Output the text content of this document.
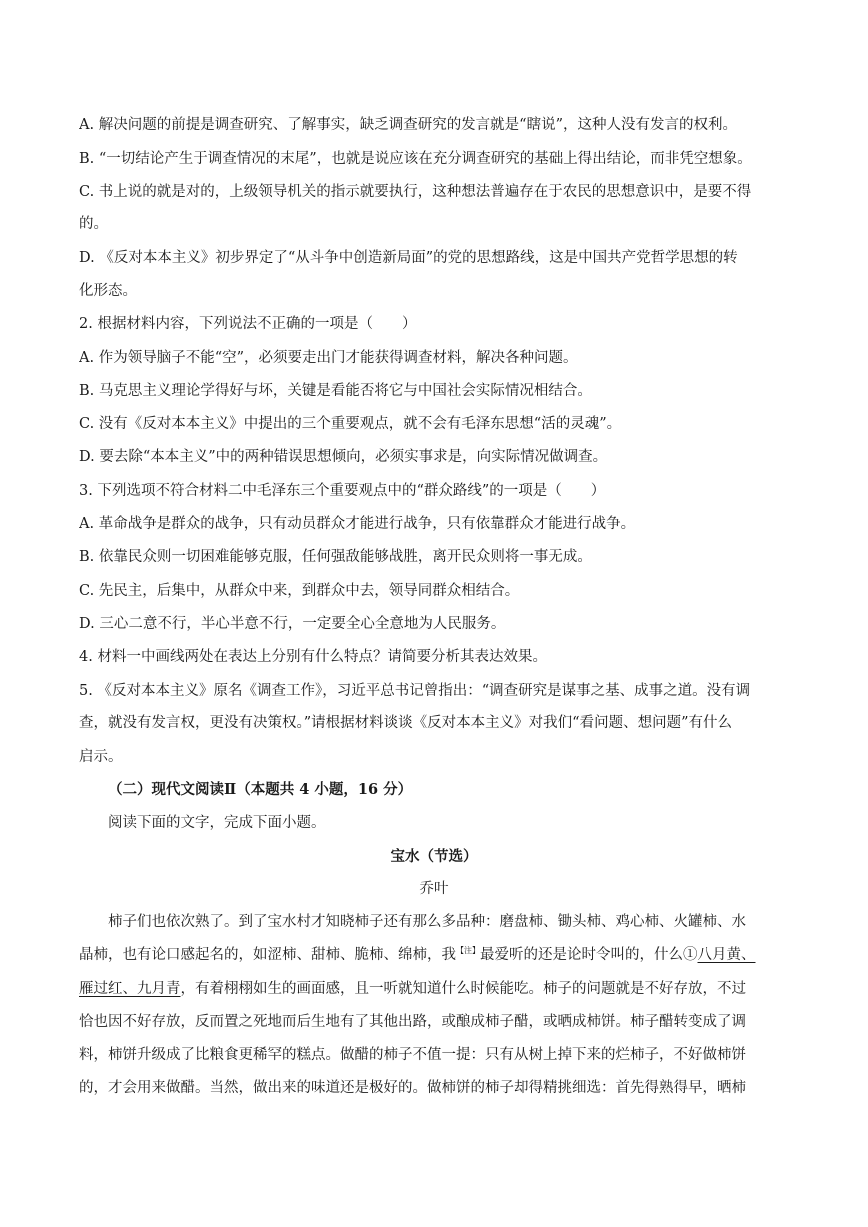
A. 解决问题的前提是调查研究、了解事实，缺乏调查研究的发言就是“瞎说”，这种人没有发言的权利。
B. “一切结论产生于调查情况的末尾”，也就是说应该在充分调查研究的基础上得出结论，而非凭空想象。
C. 书上说的就是对的，上级领导机关的指示就要执行，这种想法普遍存在于农民的思想意识中，是要不得
的。
D. 《反对本本主义》初步界定了“从斗争中创造新局面”的党的思想路线，这是中国共产党哲学思想的转
化形态。
2. 根据材料内容，下列说法不正确的一项是（　　）
A. 作为领导脑子不能“空”，必须要走出门才能获得调查材料，解决各种问题。
B. 马克思主义理论学得好与坏，关键是看能否将它与中国社会实际情况相结合。
C. 没有《反对本本主义》中提出的三个重要观点，就不会有毛泽东思想“活的灵魂”。
D. 要去除“本本主义”中的两种错误思想倾向，必须实事求是，向实际情况做调查。
3. 下列选项不符合材料二中毛泽东三个重要观点中的“群众路线”的一项是（　　）
A. 革命战争是群众的战争，只有动员群众才能进行战争，只有依靠群众才能进行战争。
B. 依靠民众则一切困难能够克服，任何强敌能够战胜，离开民众则将一事无成。
C. 先民主，后集中，从群众中来，到群众中去，领导同群众相结合。
D. 三心二意不行，半心半意不行，一定要全心全意地为人民服务。
4. 材料一中画线两处在表达上分别有什么特点？请简要分析其表达效果。
5. 《反对本本主义》原名《调查工作》，习近平总书记曾指出：“调查研究是谋事之基、成事之道。没有调
查，就没有发言权，更没有决策权。”请根据材料谈谈《反对本本主义》对我们“看问题、想问题”有什么
启示。
（二）现代文阅读Ⅱ（本题共 4 小题，16 分）
阅读下面的文字，完成下面小题。
宝水（节选）
乔叶
柿子们也依次熟了。到了宝水村才知晓柿子还有那么多品种：磨盘柿、锄头柿、鸡心柿、火罐柿、水
晶柿，也有论口感起名的，如涩柿、甜柿、脆柿、绵柿，我$^{【注】}$最爱听的还是论时令叫的，什么①八月黄、
雁过红、九月青，有着栩栩如生的画面感，且一听就知道什么时候能吃。柿子的问题就是不好存放，不过
恰也因不好存放，反而置之死地而后生地有了其他出路，或酿成柿子醋，或晒成柿饼。柿子醋转变成了调
料，柿饼升级成了比粮食更稀罕的糕点。做醋的柿子不值一提：只有从树上掉下来的烂柿子，不好做柿饼
的，才会用来做醋。当然，做出来的味道还是极好的。做柿饼的柿子却得精挑细选：首先得熟得早，晒柿
